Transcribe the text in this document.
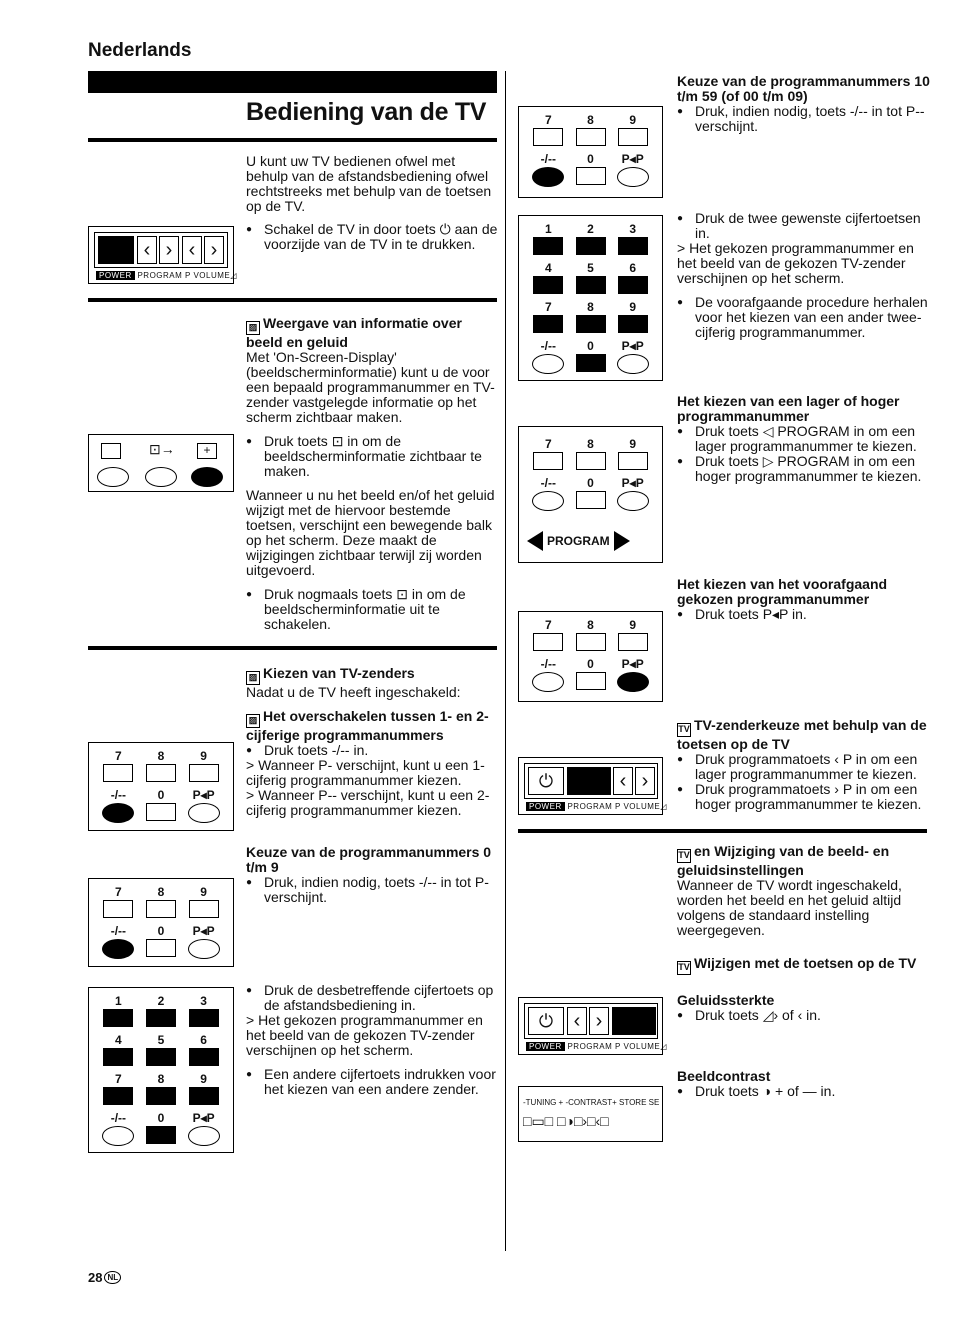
Nederlands
Bediening van de TV

U kunt uw TV bedienen ofwel met behulp van de afstandsbediening ofwel rechtstreeks met behulp van de toetsen op de TV.

● Schakel de TV in door toets ⏻ aan de voorzijde van de TV in te drukken.

‹ › ‹ ›
POWER PROGRAM P VOLUME◿

▨ Weergave van informatie over beeld en geluid

Met 'On-Screen-Display' (beeldscherminformatie) kunt u de voor een bepaald programmanummer en TV-zender vastgelegde informatie op het scherm zichtbaar maken.

● Druk toets ⊡ in om de beeldscherminformatie zichtbaar te maken.

Wanneer u nu het beeld en/of het geluid wijzigt met de hiervoor bestemde toetsen, verschijnt een bewegende balk op het scherm. Deze maakt de wijzigingen zichtbaar terwijl zij worden uitgevoerd.

● Druk nogmaals toets ⊡ in om de beeldscherminformatie uit te schakelen.

⊡→	+

▨ Kiezen van TV-zenders

Nadat u de TV heeft ingeschakeld:

▨ Het overschakelen tussen 1- en 2-cijferige programmanummers

● Druk toets -/-- in.

> Wanneer P- verschijnt, kunt u een 1-cijferig programmanummer kiezen.

> Wanneer P-- verschijnt, kunt u een 2-cijferig programmanummer kiezen.

Keuze van de programmanummers 0 t/m 9

● Druk, indien nodig, toets -/-- in tot P- verschijnt.

● Druk de desbetreffende cijfertoets op de afstandsbediening in.

> Het gekozen programmanummer en het beeld van de gekozen TV-zender verschijnen op het scherm.

● Een andere cijfertoets indrukken voor het kiezen van een andere zender.

7	8	9
-/--	0	P◂P
7	8	9
-/--	0	P◂P
1	2	3
4	5	6
7	8	9
-/--	0	P◂P
7	8	9
-/--	0	P◂P
1	2	3
4	5	6
7	8	9
-/--	0	P◂P
7	8	9
-/--	0	P◂P
PROGRAM
7	8	9
-/--	0	P◂P

Keuze van de programmanummers 10 t/m 59 (of 00 t/m 09)

● Druk, indien nodig, toets -/-- in tot P-- verschijnt.

● Druk de twee gewenste cijfertoetsen in.

> Het gekozen programmanummer en het beeld van de gekozen TV-zender verschijnen op het scherm.

● De voorafgaande procedure herhalen voor het kiezen van een ander twee-cijferig programmanummer.

Het kiezen van een lager of hoger programmanummer

● Druk toets ◁ PROGRAM in om een lager programmanummer te kiezen.

● Druk toets ▷ PROGRAM in om een hoger programmanummer te kiezen.

Het kiezen van het voorafgaand gekozen programmanummer

● Druk toets P◂P in.

TV TV-zenderkeuze met behulp van de toetsen op de TV

● Druk programmatoets ‹ P in om een lager programmanummer te kiezen.

● Druk programmatoets › P in om een hoger programmanummer te kiezen.

⏻	‹ ›
POWER PROGRAM P VOLUME◿

TV en Wijziging van de beeld- en geluidsinstellingen

Wanneer de TV wordt ingeschakeld, worden het beeld en het geluid altijd volgens de standaard instelling weergegeven.

TV Wijzigen met de toetsen op de TV

Geluidssterkte

● Druk toets ◿› of ‹ in.

Beeldcontrast

● Druk toets ◑ + of — in.

⏻	‹ ›
POWER PROGRAM P VOLUME◿
-TUNING + -CONTRAST+ STORE SE
□▭□ □◑□›□‹□
28 NL
